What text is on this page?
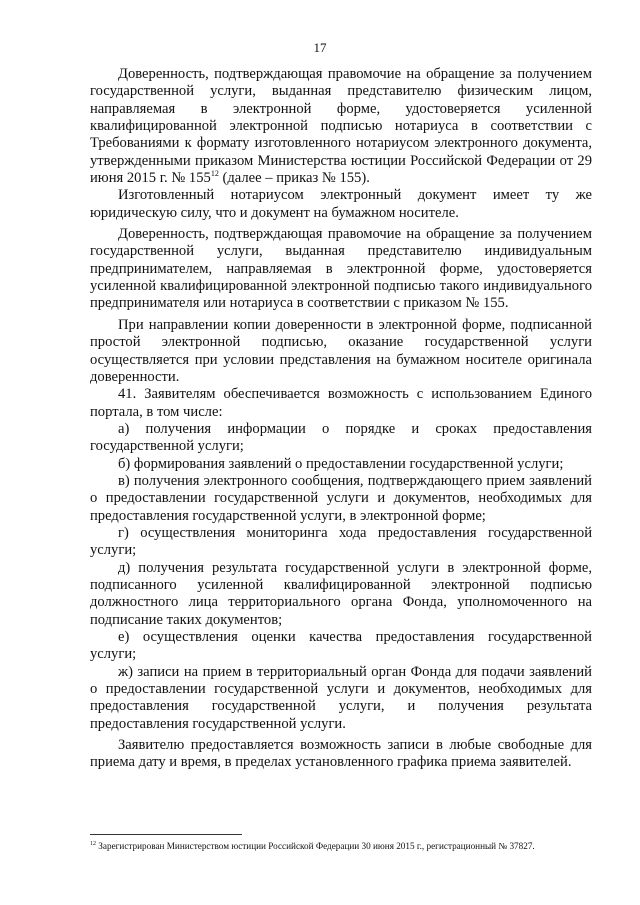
17

Доверенность, подтверждающая правомочие на обращение за получением государственной услуги, выданная представителю физическим лицом, направляемая в электронной форме, удостоверяется усиленной квалифицированной электронной подписью нотариуса в соответствии с Требованиями к формату изготовленного нотариусом электронного документа, утвержденными приказом Министерства юстиции Российской Федерации от 29 июня 2015 г. № $155^{12}$ (далее – приказ № 155).

Изготовленный нотариусом электронный документ имеет ту же юридическую силу, что и документ на бумажном носителе.

Доверенность, подтверждающая правомочие на обращение за получением государственной услуги, выданная представителю индивидуальным предпринимателем, направляемая в электронной форме, удостоверяется усиленной квалифицированной электронной подписью такого индивидуального предпринимателя или нотариуса в соответствии с приказом № 155.

При направлении копии доверенности в электронной форме, подписанной простой электронной подписью, оказание государственной услуги осуществляется при условии представления на бумажном носителе оригинала доверенности.

41. Заявителям обеспечивается возможность с использованием Единого портала, в том числе:

а) получения информации о порядке и сроках предоставления государственной услуги;

б) формирования заявлений о предоставлении государственной услуги;

в) получения электронного сообщения, подтверждающего прием заявлений о предоставлении государственной услуги и документов, необходимых для предоставления государственной услуги, в электронной форме;

г) осуществления мониторинга хода предоставления государственной услуги;

д) получения результата государственной услуги в электронной форме, подписанного усиленной квалифицированной электронной подписью должностного лица территориального органа Фонда, уполномоченного на подписание таких документов;

е) осуществления оценки качества предоставления государственной услуги;

ж) записи на прием в территориальный орган Фонда для подачи заявлений о предоставлении государственной услуги и документов, необходимых для предоставления государственной услуги, и получения результата предоставления государственной услуги.

Заявителю предоставляется возможность записи в любые свободные для приема дату и время, в пределах установленного графика приема заявителей.

$^{12}$ Зарегистрирован Министерством юстиции Российской Федерации 30 июня 2015 г., регистрационный № 37827.
